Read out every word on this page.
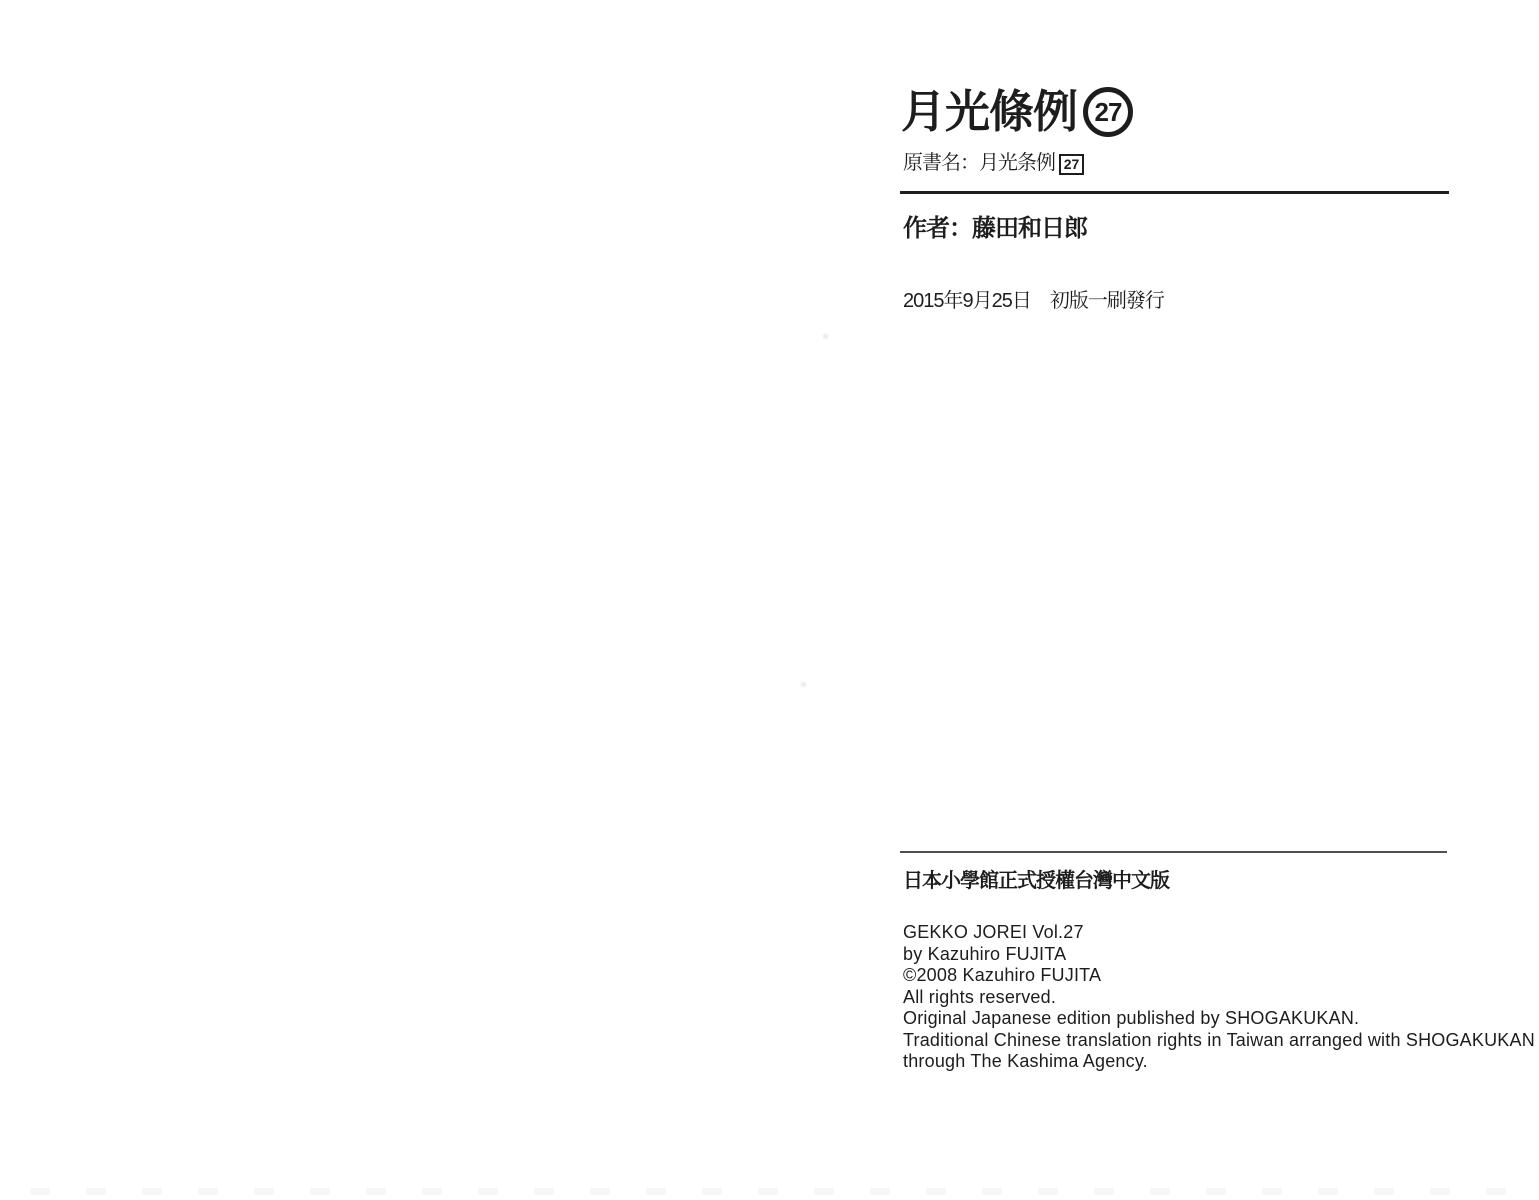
月光條例 27
原書名：月光条例 27
作者：藤田和日郎
2015年9月25日　初版一刷發行
日本小學館正式授權台灣中文版
GEKKO JOREI Vol.27
by Kazuhiro FUJITA
©2008 Kazuhiro FUJITA
All rights reserved.
Original Japanese edition published by SHOGAKUKAN.
Traditional Chinese translation rights in Taiwan arranged with SHOGAKUKAN
through The Kashima Agency.
